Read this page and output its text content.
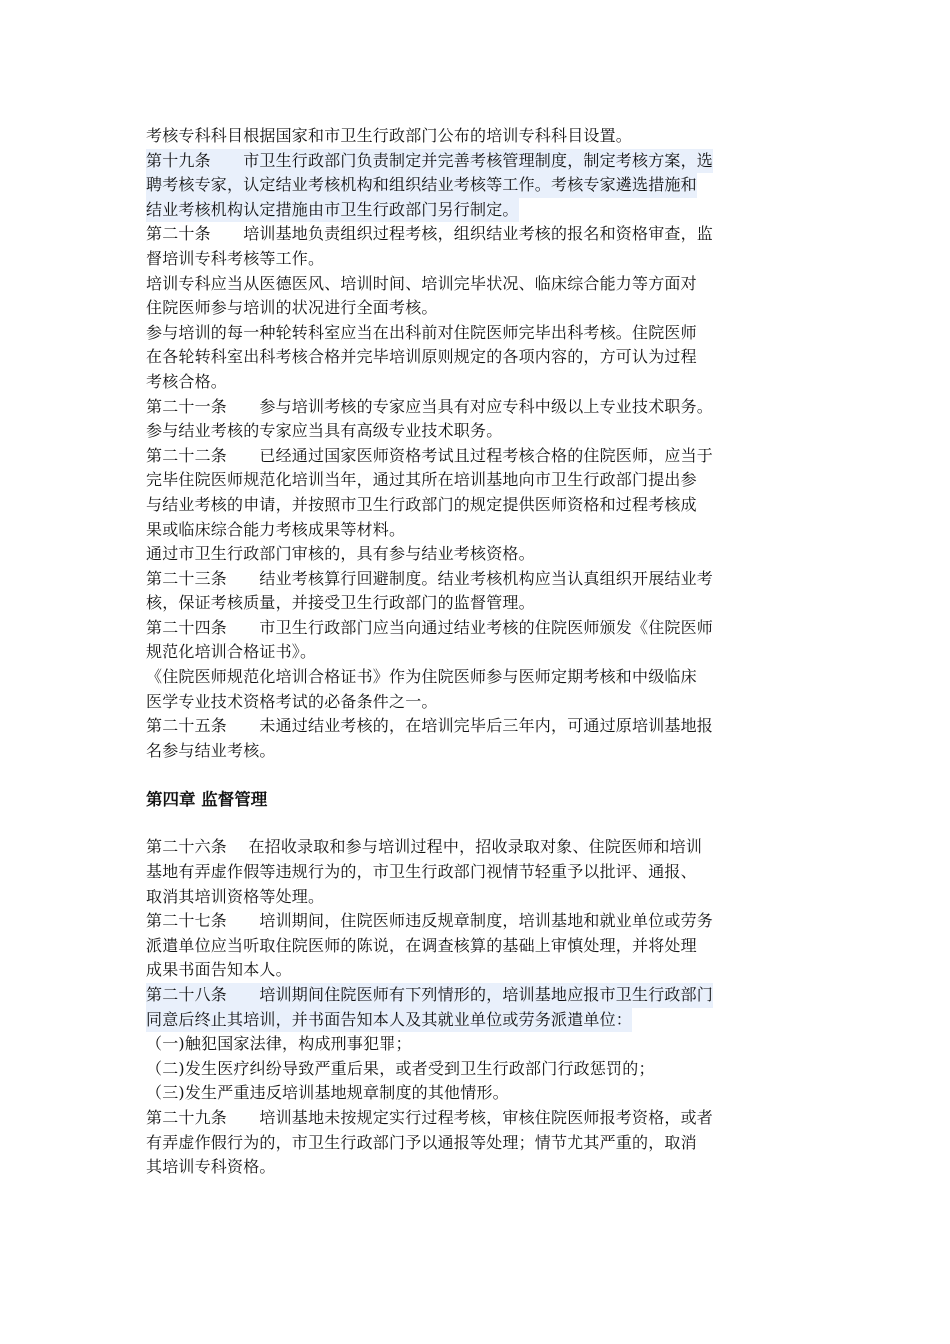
考核专科科目根据国家和市卫生行政部门公布的培训专科科目设置。
第十九条　　市卫生行政部门负责制定并完善考核管理制度，制定考核方案，选
聘考核专家，认定结业考核机构和组织结业考核等工作。考核专家遴选措施和
结业考核机构认定措施由市卫生行政部门另行制定。
第二十条　　培训基地负责组织过程考核，组织结业考核的报名和资格审查，监
督培训专科考核等工作。
培训专科应当从医德医风、培训时间、培训完毕状况、临床综合能力等方面对
住院医师参与培训的状况进行全面考核。
参与培训的每一种轮转科室应当在出科前对住院医师完毕出科考核。住院医师
在各轮转科室出科考核合格并完毕培训原则规定的各项内容的，方可认为过程
考核合格。
第二十一条　　参与培训考核的专家应当具有对应专科中级以上专业技术职务。
参与结业考核的专家应当具有高级专业技术职务。
第二十二条　　已经通过国家医师资格考试且过程考核合格的住院医师，应当于
完毕住院医师规范化培训当年，通过其所在培训基地向市卫生行政部门提出参
与结业考核的申请，并按照市卫生行政部门的规定提供医师资格和过程考核成
果或临床综合能力考核成果等材料。
通过市卫生行政部门审核的，具有参与结业考核资格。
第二十三条　　结业考核算行回避制度。结业考核机构应当认真组织开展结业考
核，保证考核质量，并接受卫生行政部门的监督管理。
第二十四条　　市卫生行政部门应当向通过结业考核的住院医师颁发《住院医师
规范化培训合格证书》。
《住院医师规范化培训合格证书》作为住院医师参与医师定期考核和中级临床
医学专业技术资格考试的必备条件之一。
第二十五条　　未通过结业考核的，在培训完毕后三年内，可通过原培训基地报
名参与结业考核。
第四章 监督管理
第二十六条　 在招收录取和参与培训过程中，招收录取对象、住院医师和培训
基地有弄虚作假等违规行为的，市卫生行政部门视情节轻重予以批评、通报、
取消其培训资格等处理。
第二十七条　　培训期间，住院医师违反规章制度，培训基地和就业单位或劳务
派遣单位应当听取住院医师的陈说，在调查核算的基础上审慎处理，并将处理
成果书面告知本人。
第二十八条　　培训期间住院医师有下列情形的，培训基地应报市卫生行政部门
同意后终止其培训，并书面告知本人及其就业单位或劳务派遣单位：
（一)触犯国家法律，构成刑事犯罪；
（二)发生医疗纠纷导致严重后果，或者受到卫生行政部门行政惩罚的；
（三)发生严重违反培训基地规章制度的其他情形。
第二十九条　　培训基地未按规定实行过程考核，审核住院医师报考资格，或者
有弄虚作假行为的，市卫生行政部门予以通报等处理；情节尤其严重的，取消
其培训专科资格。
